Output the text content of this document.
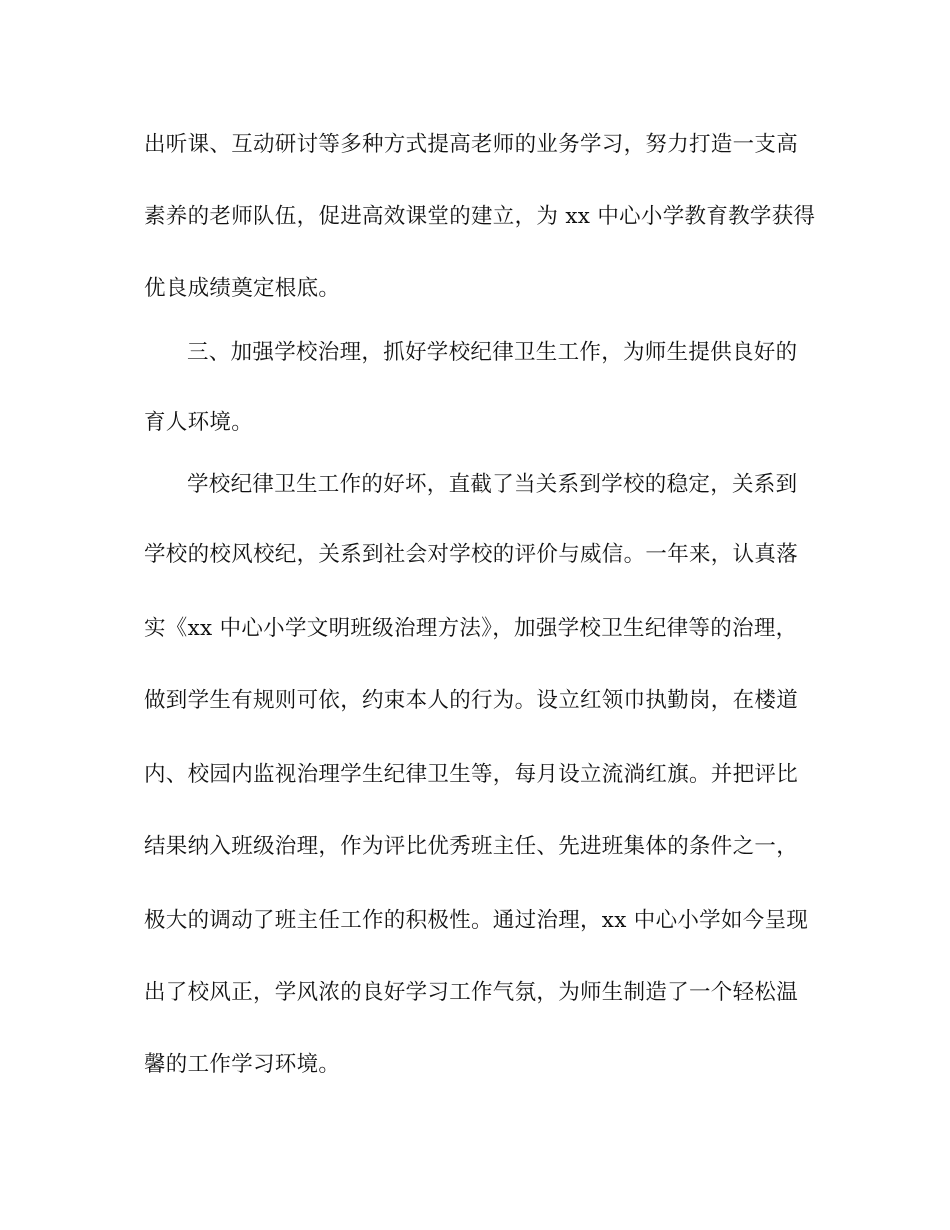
出听课、互动研讨等多种方式提高老师的业务学习，努力打造一支高
素养的老师队伍，促进高效课堂的建立，为 xx 中心小学教育教学获得
优良成绩奠定根底。
三、加强学校治理，抓好学校纪律卫生工作，为师生提供良好的
育人环境。
学校纪律卫生工作的好坏，直截了当关系到学校的稳定，关系到
学校的校风校纪，关系到社会对学校的评价与威信。一年来，认真落
实《xx 中心小学文明班级治理方法》，加强学校卫生纪律等的治理，
做到学生有规则可依，约束本人的行为。设立红领巾执勤岗，在楼道
内、校园内监视治理学生纪律卫生等，每月设立流淌红旗。并把评比
结果纳入班级治理，作为评比优秀班主任、先进班集体的条件之一，
极大的调动了班主任工作的积极性。通过治理，xx 中心小学如今呈现
出了校风正，学风浓的良好学习工作气氛，为师生制造了一个轻松温
馨的工作学习环境。
